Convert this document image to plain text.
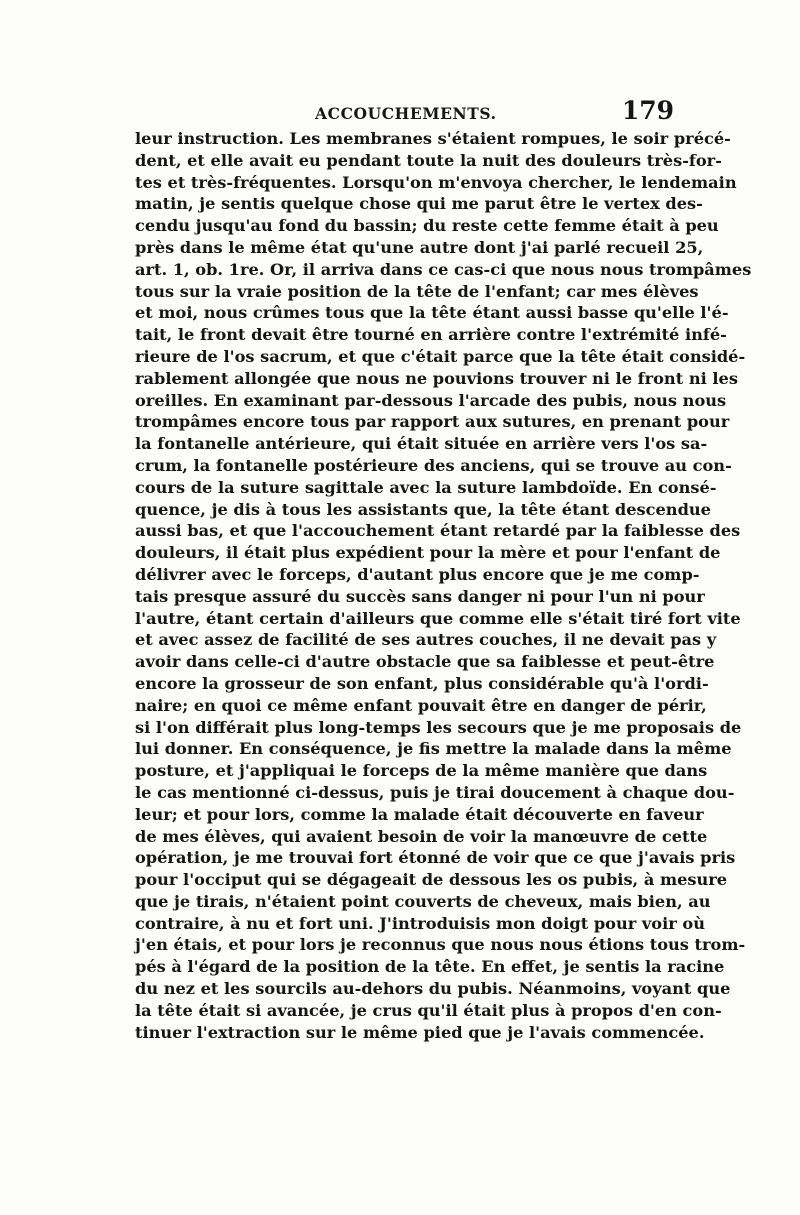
ACCOUCHEMENTS.	179
leur instruction. Les membranes s'étaient rompues, le soir précé-
dent, et elle avait eu pendant toute la nuit des douleurs très-for-
tes et très-fréquentes. Lorsqu'on m'envoya chercher, le lendemain
matin, je sentis quelque chose qui me parut être le vertex des-
cendu jusqu'au fond du bassin; du reste cette femme était à peu
près dans le même état qu'une autre dont j'ai parlé recueil 25,
art. 1, ob. 1re. Or, il arriva dans ce cas-ci que nous nous trompâmes
tous sur la vraie position de la tête de l'enfant; car mes élèves
et moi, nous crûmes tous que la tête étant aussi basse qu'elle l'é-
tait, le front devait être tourné en arrière contre l'extrémité infé-
rieure de l'os sacrum, et que c'était parce que la tête était considé-
rablement allongée que nous ne pouvions trouver ni le front ni les
oreilles. En examinant par-dessous l'arcade des pubis, nous nous
trompâmes encore tous par rapport aux sutures, en prenant pour
la fontanelle antérieure, qui était située en arrière vers l'os sa-
crum, la fontanelle postérieure des anciens, qui se trouve au con-
cours de la suture sagittale avec la suture lambdoïde. En consé-
quence, je dis à tous les assistants que, la tête étant descendue
aussi bas, et que l'accouchement étant retardé par la faiblesse des
douleurs, il était plus expédient pour la mère et pour l'enfant de
délivrer avec le forceps, d'autant plus encore que je me comp-
tais presque assuré du succès sans danger ni pour l'un ni pour
l'autre, étant certain d'ailleurs que comme elle s'était tiré fort vite
et avec assez de facilité de ses autres couches, il ne devait pas y
avoir dans celle-ci d'autre obstacle que sa faiblesse et peut-être
encore la grosseur de son enfant, plus considérable qu'à l'ordi-
naire; en quoi ce même enfant pouvait être en danger de périr,
si l'on différait plus long-temps les secours que je me proposais de
lui donner. En conséquence, je fis mettre la malade dans la même
posture, et j'appliquai le forceps de la même manière que dans
le cas mentionné ci-dessus, puis je tirai doucement à chaque dou-
leur; et pour lors, comme la malade était découverte en faveur
de mes élèves, qui avaient besoin de voir la manœuvre de cette
opération, je me trouvai fort étonné de voir que ce que j'avais pris
pour l'occiput qui se dégageait de dessous les os pubis, à mesure
que je tirais, n'étaient point couverts de cheveux, mais bien, au
contraire, à nu et fort uni. J'introduisis mon doigt pour voir où
j'en étais, et pour lors je reconnus que nous nous étions tous trom-
pés à l'égard de la position de la tête. En effet, je sentis la racine
du nez et les sourcils au-dehors du pubis. Néanmoins, voyant que
la tête était si avancée, je crus qu'il était plus à propos d'en con-
tinuer l'extraction sur le même pied que je l'avais commencée.
